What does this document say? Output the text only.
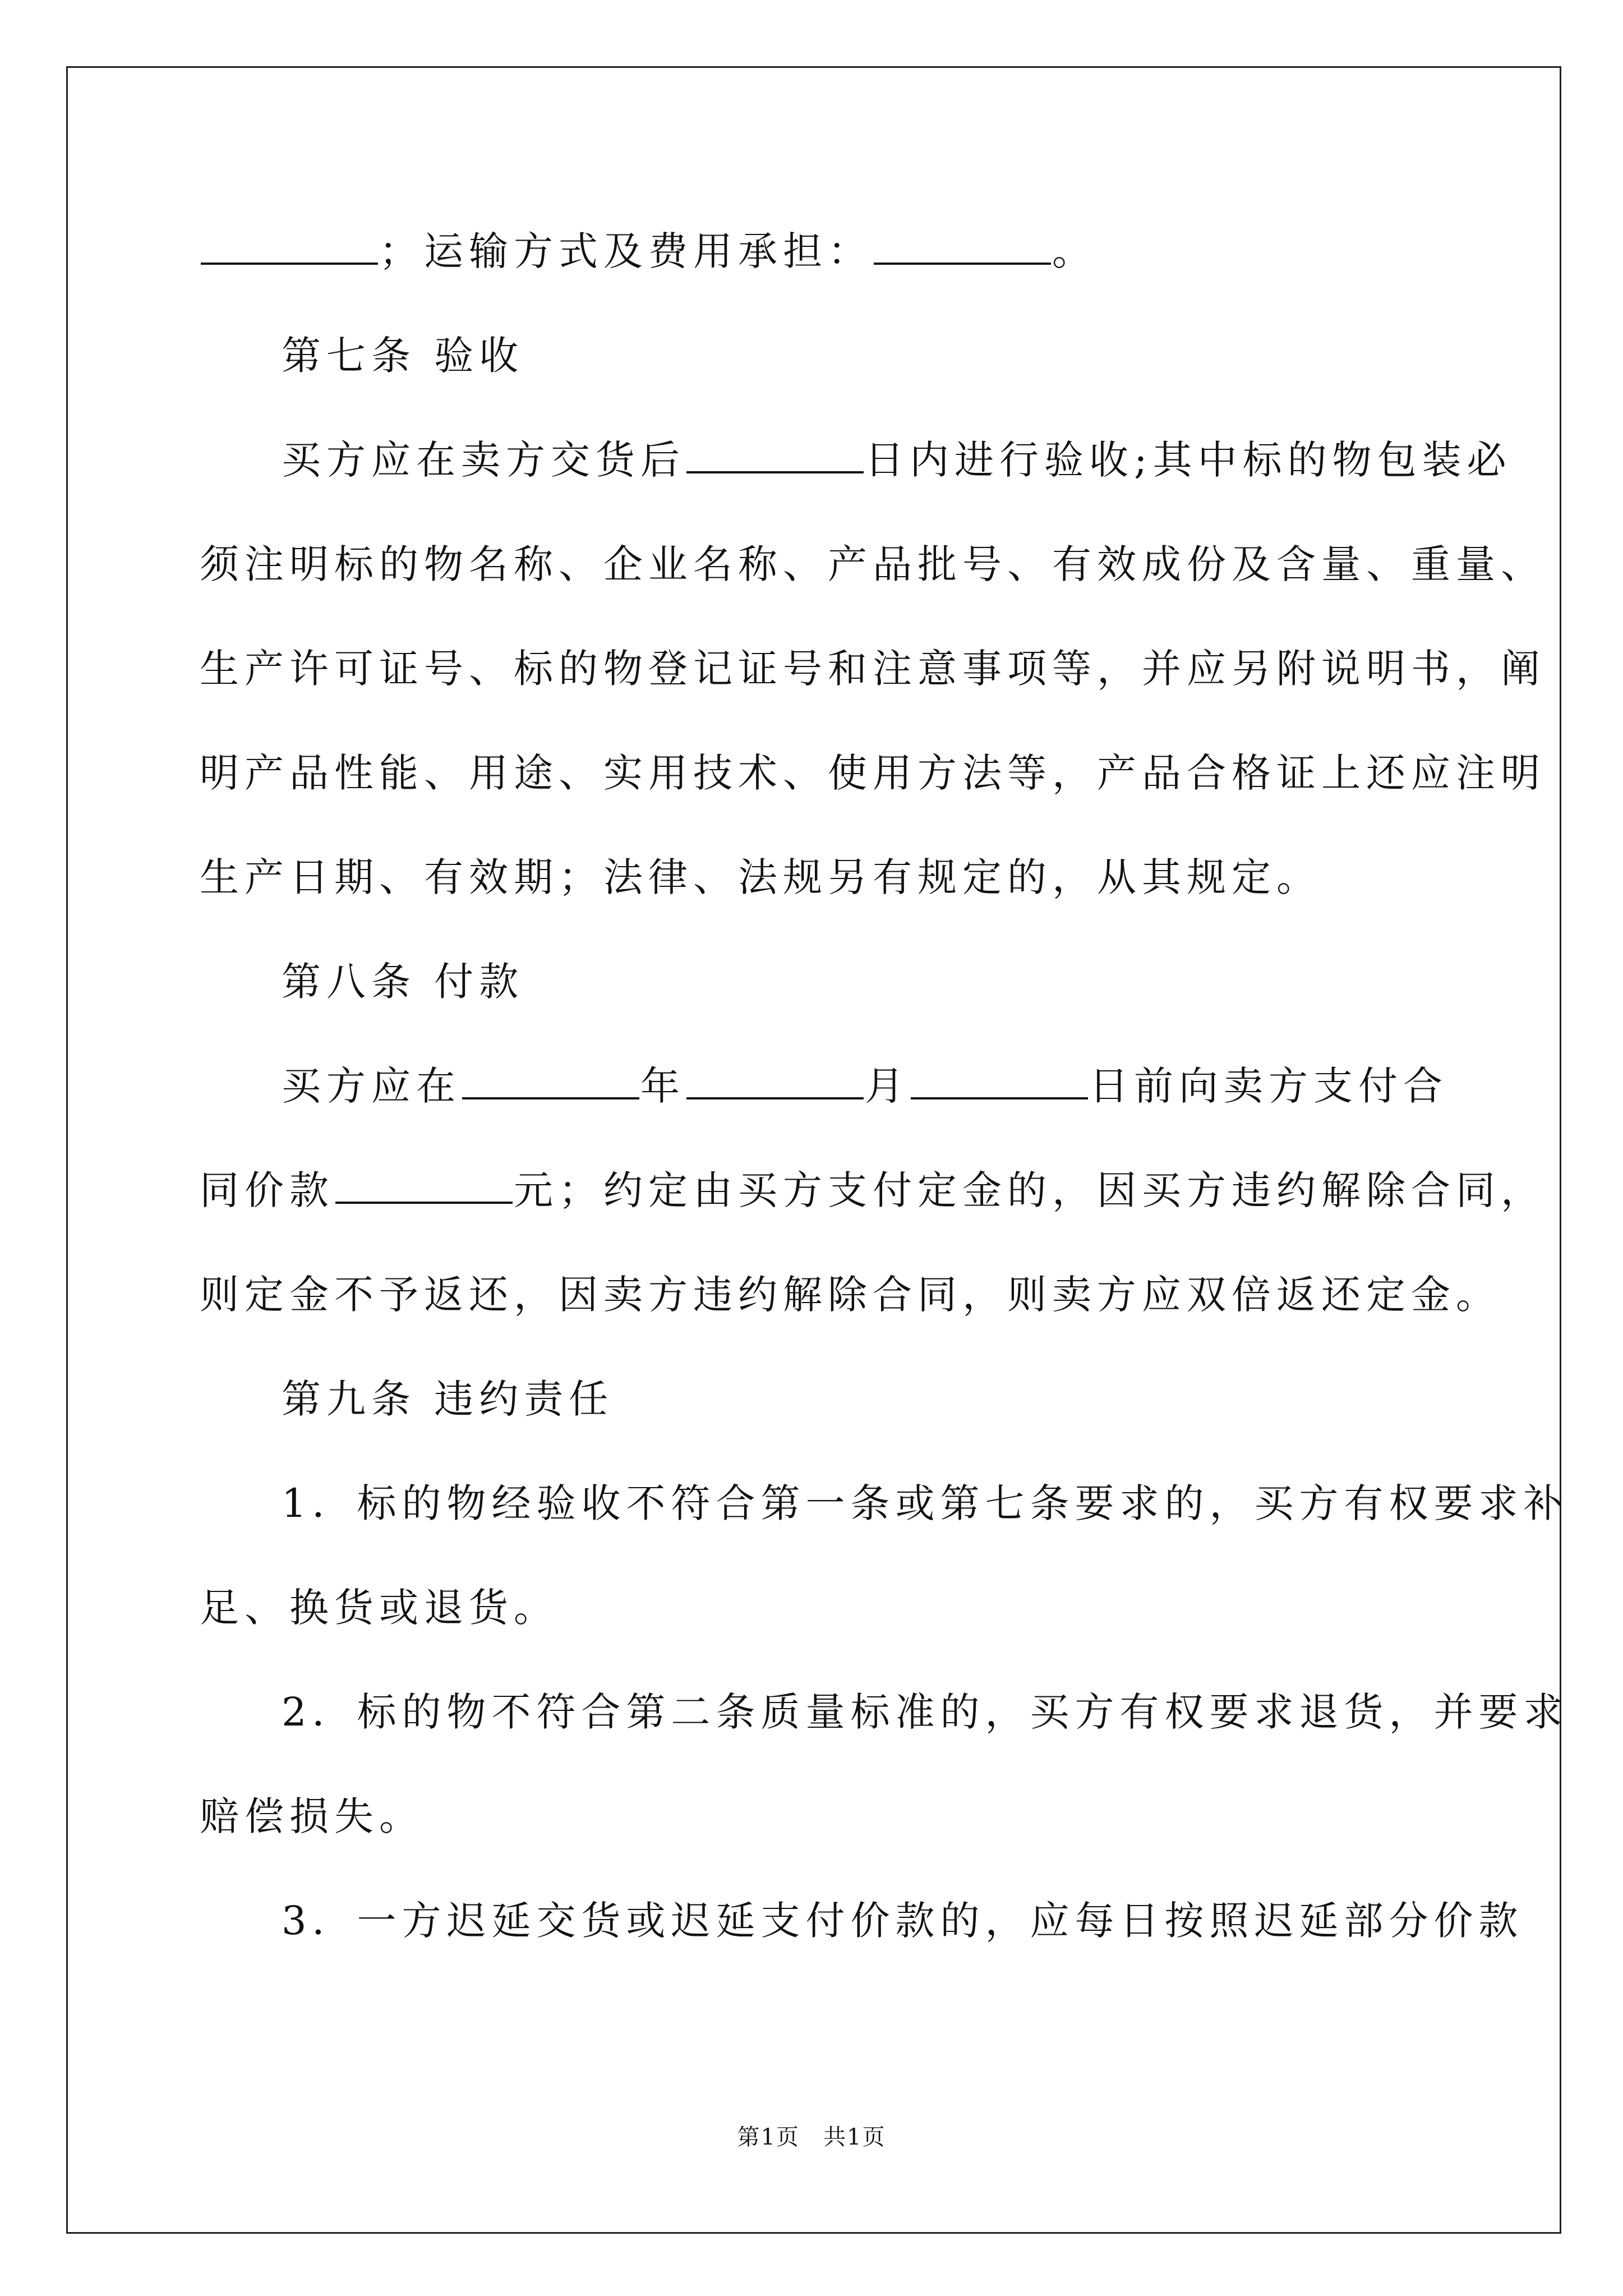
；运输方式及费用承担：	。
第七条 验收
买方应在卖方交货后	日内进行验收;其中标的物包装必
须注明标的物名称、企业名称、产品批号、有效成份及含量、重量、
生产许可证号、标的物登记证号和注意事项等，并应另附说明书，阐
明产品性能、用途、实用技术、使用方法等，产品合格证上还应注明
生产日期、有效期；法律、法规另有规定的，从其规定。
第八条 付款
买方应在	年	月	日前向卖方支付合
同价款	元；约定由买方支付定金的，因买方违约解除合同，
则定金不予返还，因卖方违约解除合同，则卖方应双倍返还定金。
第九条 违约责任
1．标的物经验收不符合第一条或第七条要求的，买方有权要求补
足、换货或退货。
2．标的物不符合第二条质量标准的，买方有权要求退货，并要求
赔偿损失。
3．一方迟延交货或迟延支付价款的，应每日按照迟延部分价款
第1页　共1页
